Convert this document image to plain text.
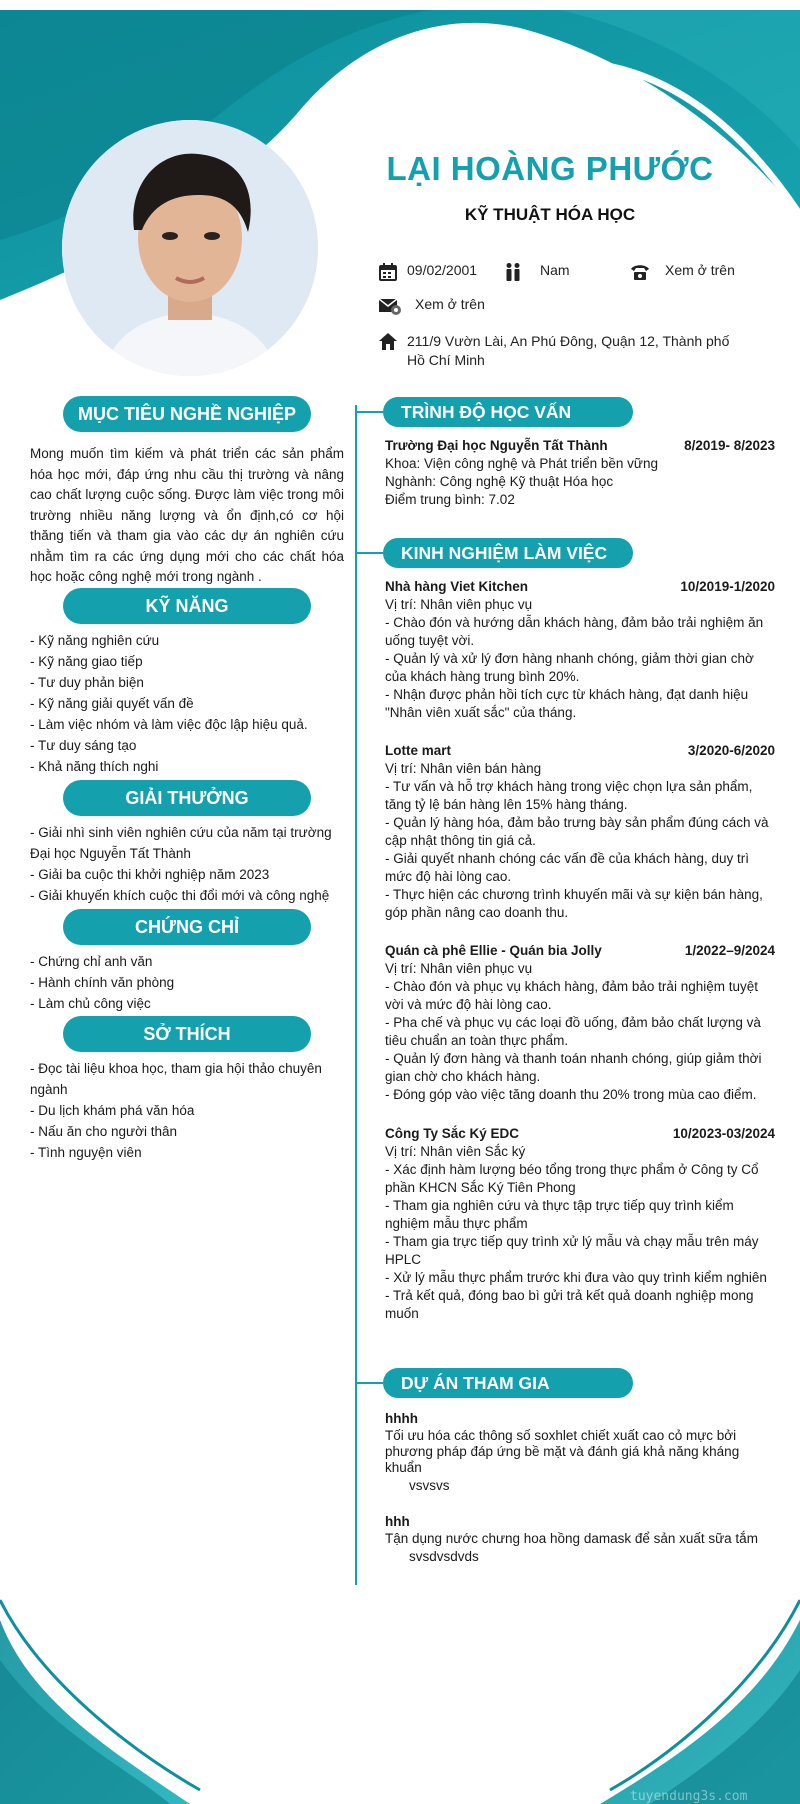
LẠI HOÀNG PHƯỚC
KỸ THUẬT HÓA HỌC
09/02/2001	Nam	Xem ở trên
Xem ở trên
211/9 Vườn Lài, An Phú Đông, Quận 12, Thành phố Hồ Chí Minh
MỤC TIÊU NGHỀ NGHIỆP
Mong muốn tìm kiếm và phát triển các sản phẩm hóa học mới, đáp ứng nhu cầu thị trường và nâng cao chất lượng cuộc sống. Được làm việc trong môi trường nhiều năng lượng và ổn định,có cơ hội thăng tiến và tham gia vào các dự án nghiên cứu nhằm tìm ra các ứng dụng mới cho các chất hóa học hoặc công nghệ mới trong ngành .
KỸ NĂNG
- Kỹ năng nghiên cứu
- Kỹ năng giao tiếp
- Tư duy phản biện
- Kỹ năng giải quyết vấn đề
- Làm việc nhóm và làm việc độc lập hiệu quả.
- Tư duy sáng tạo
- Khả năng thích nghi
GIẢI THƯỞNG
- Giải nhì sinh viên nghiên cứu của năm tại trường Đại học Nguyễn Tất Thành
- Giải ba cuộc thi khởi nghiệp năm 2023
- Giải khuyến khích cuộc thi đổi mới và công nghệ
CHỨNG CHỈ
- Chứng chỉ anh văn
- Hành chính văn phòng
- Làm chủ công việc
SỞ THÍCH
- Đọc tài liệu khoa học, tham gia hội thảo chuyên ngành
- Du lịch khám phá văn hóa
- Nấu ăn cho người thân
- Tình nguyện viên
TRÌNH ĐỘ HỌC VẤN
Trường Đại học Nguyễn Tất Thành	8/2019- 8/2023
Khoa: Viện công nghệ và Phát triển bền vững
Nghành: Công nghệ Kỹ thuật Hóa học
Điểm trung bình: 7.02
KINH NGHIỆM LÀM VIỆC
Nhà hàng Viet Kitchen	10/2019-1/2020
Vị trí: Nhân viên phục vụ
- Chào đón và hướng dẫn khách hàng, đảm bảo trải nghiệm ăn uống tuyệt vời.
- Quản lý và xử lý đơn hàng nhanh chóng, giảm thời gian chờ của khách hàng trung bình 20%.
- Nhận được phản hồi tích cực từ khách hàng, đạt danh hiệu "Nhân viên xuất sắc" của tháng.
Lotte mart	3/2020-6/2020
Vị trí: Nhân viên bán hàng
- Tư vấn và hỗ trợ khách hàng trong việc chọn lựa sản phẩm, tăng tỷ lệ bán hàng lên 15% hàng tháng.
- Quản lý hàng hóa, đảm bảo trưng bày sản phẩm đúng cách và cập nhật thông tin giá cả.
- Giải quyết nhanh chóng các vấn đề của khách hàng, duy trì mức độ hài lòng cao.
- Thực hiện các chương trình khuyến mãi và sự kiện bán hàng, góp phần nâng cao doanh thu.
Quán cà phê Ellie - Quán bia Jolly	1/2022–9/2024
Vị trí: Nhân viên phục vụ
- Chào đón và phục vụ khách hàng, đảm bảo trải nghiệm tuyệt vời và mức độ hài lòng cao.
- Pha chế và phục vụ các loại đồ uống, đảm bảo chất lượng và tiêu chuẩn an toàn thực phẩm.
- Quản lý đơn hàng và thanh toán nhanh chóng, giúp giảm thời gian chờ cho khách hàng.
- Đóng góp vào việc tăng doanh thu 20% trong mùa cao điểm.
Công Ty Sắc Ký EDC	10/2023-03/2024
Vị trí: Nhân viên Sắc ký
- Xác định hàm lượng béo tổng trong thực phẩm ở Công ty Cổ phần KHCN Sắc Ký Tiên Phong
- Tham gia nghiên cứu và thực tập trực tiếp quy trình kiểm nghiệm mẫu thực phẩm
- Tham gia trực tiếp quy trình xử lý mẫu và chạy mẫu trên máy HPLC
- Xử lý mẫu thực phẩm trước khi đưa vào quy trình kiểm nghiên
- Trả kết quả, đóng bao bì gửi trả kết quả doanh nghiệp mong muốn
DỰ ÁN THAM GIA
hhhh
Tối ưu hóa các thông số soxhlet chiết xuất cao cỏ mực bởi phương pháp đáp ứng bề mặt và đánh giá khả năng kháng khuẩn
vsvsvs
hhh
Tận dụng nước chưng hoa hồng damask để sản xuất sữa tắm
svsdvsdvds
tuyendung3s.com
